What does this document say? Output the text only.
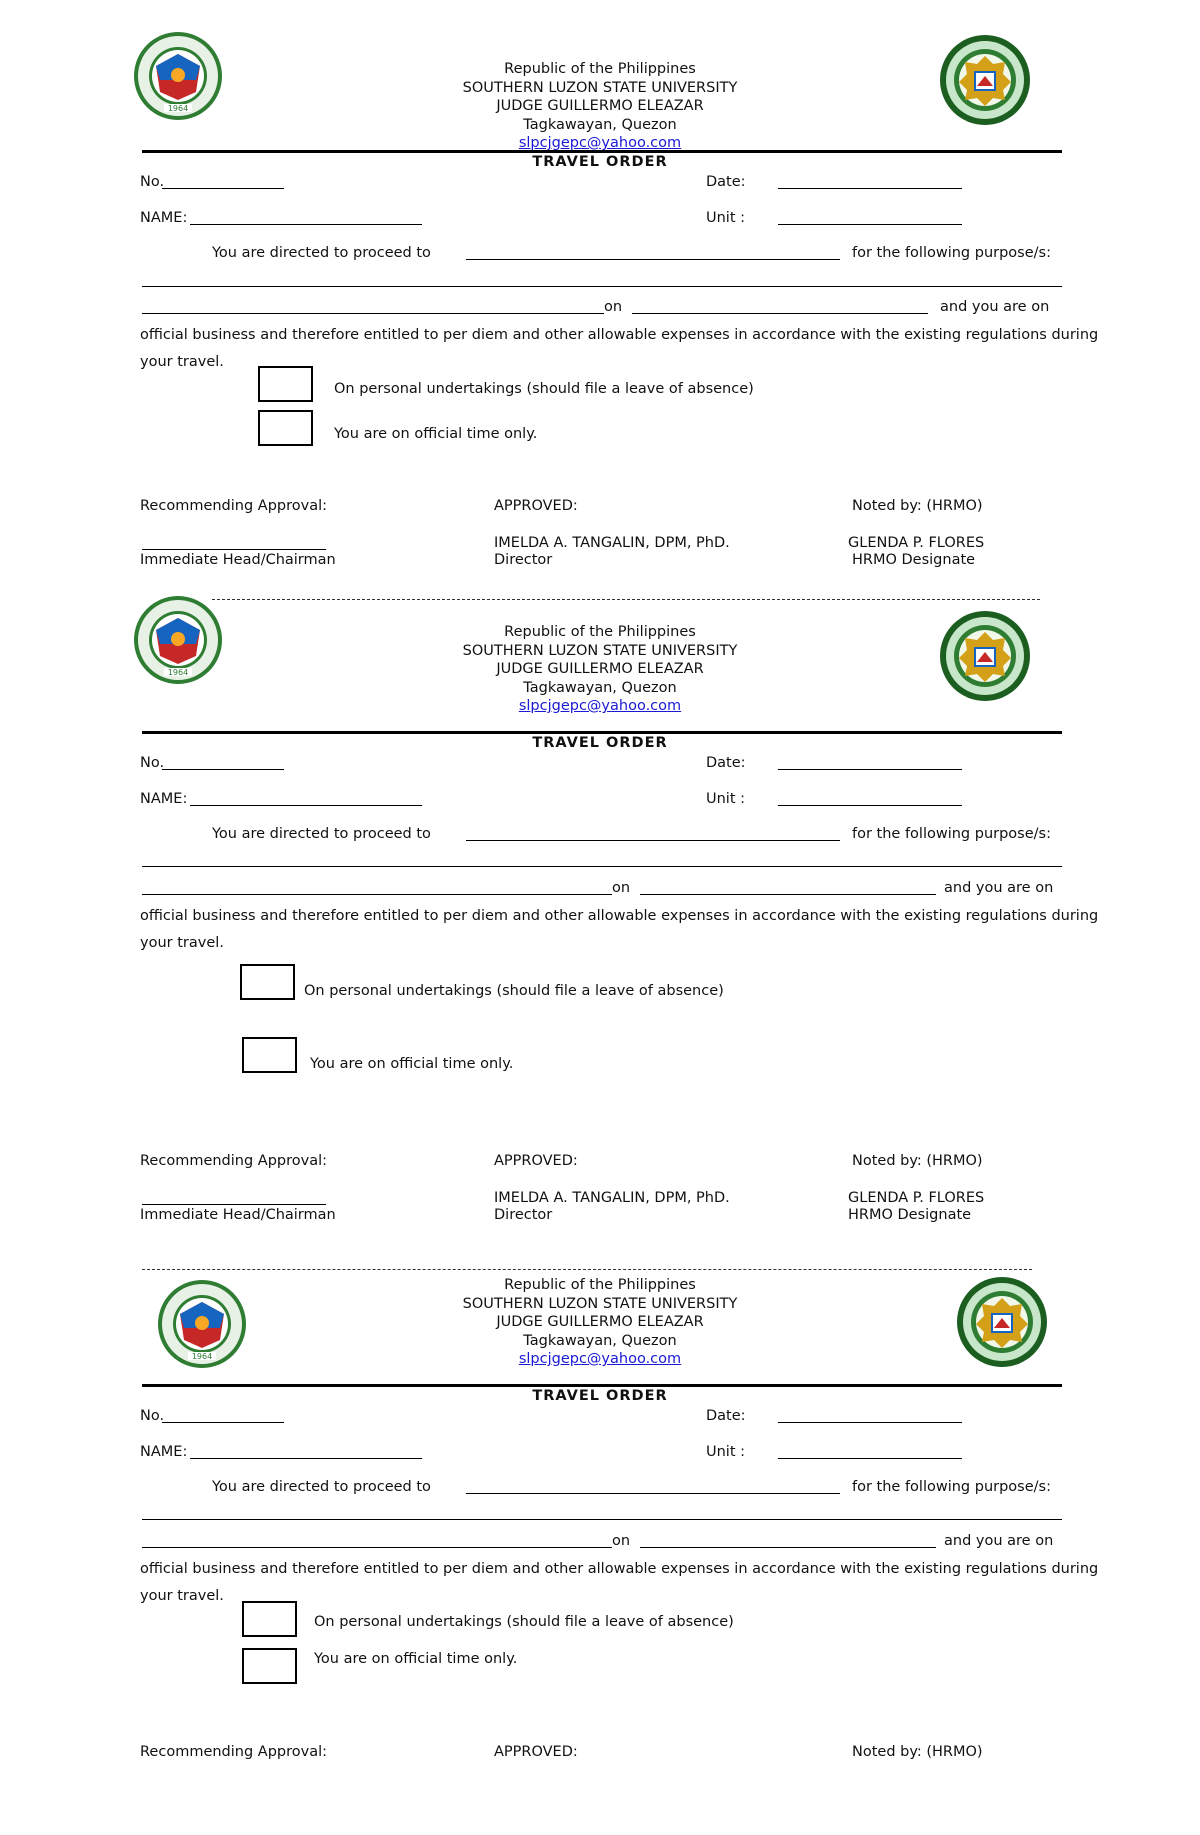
1964
Republic of the Philippines
SOUTHERN LUZON STATE UNIVERSITY
JUDGE GUILLERMO ELEAZAR
Tagkawayan, Quezon
slpcjgepc@yahoo.com
TRAVEL ORDER
No.	Date:
NAME:	Unit :
You are directed to proceed to	for the following purpose/s:
on	and you are on
official business and therefore entitled to per diem and other allowable expenses in accordance with the existing regulations during
your travel.
On personal undertakings (should file a leave of absence)
You are on official time only.
Recommending Approval:	APPROVED:	Noted by: (HRMO)
Immediate Head/Chairman
IMELDA A. TANGALIN, DPM, PhD.
Director
GLENDA P. FLORES
HRMO Designate
1964
Republic of the Philippines
SOUTHERN LUZON STATE UNIVERSITY
JUDGE GUILLERMO ELEAZAR
Tagkawayan, Quezon
slpcjgepc@yahoo.com
TRAVEL ORDER
No.	Date:
NAME:	Unit :
You are directed to proceed to	for the following purpose/s:
on	and you are on
official business and therefore entitled to per diem and other allowable expenses in accordance with the existing regulations during
your travel.
On personal undertakings (should file a leave of absence)
You are on official time only.
Recommending Approval:	APPROVED:	Noted by: (HRMO)
Immediate Head/Chairman
IMELDA A. TANGALIN, DPM, PhD.
Director
GLENDA P. FLORES
HRMO Designate
1964
Republic of the Philippines
SOUTHERN LUZON STATE UNIVERSITY
JUDGE GUILLERMO ELEAZAR
Tagkawayan, Quezon
slpcjgepc@yahoo.com
TRAVEL ORDER
No.	Date:
NAME:	Unit :
You are directed to proceed to	for the following purpose/s:
on	and you are on
official business and therefore entitled to per diem and other allowable expenses in accordance with the existing regulations during
your travel.
On personal undertakings (should file a leave of absence)
You are on official time only.
Recommending Approval:	APPROVED:	Noted by: (HRMO)
